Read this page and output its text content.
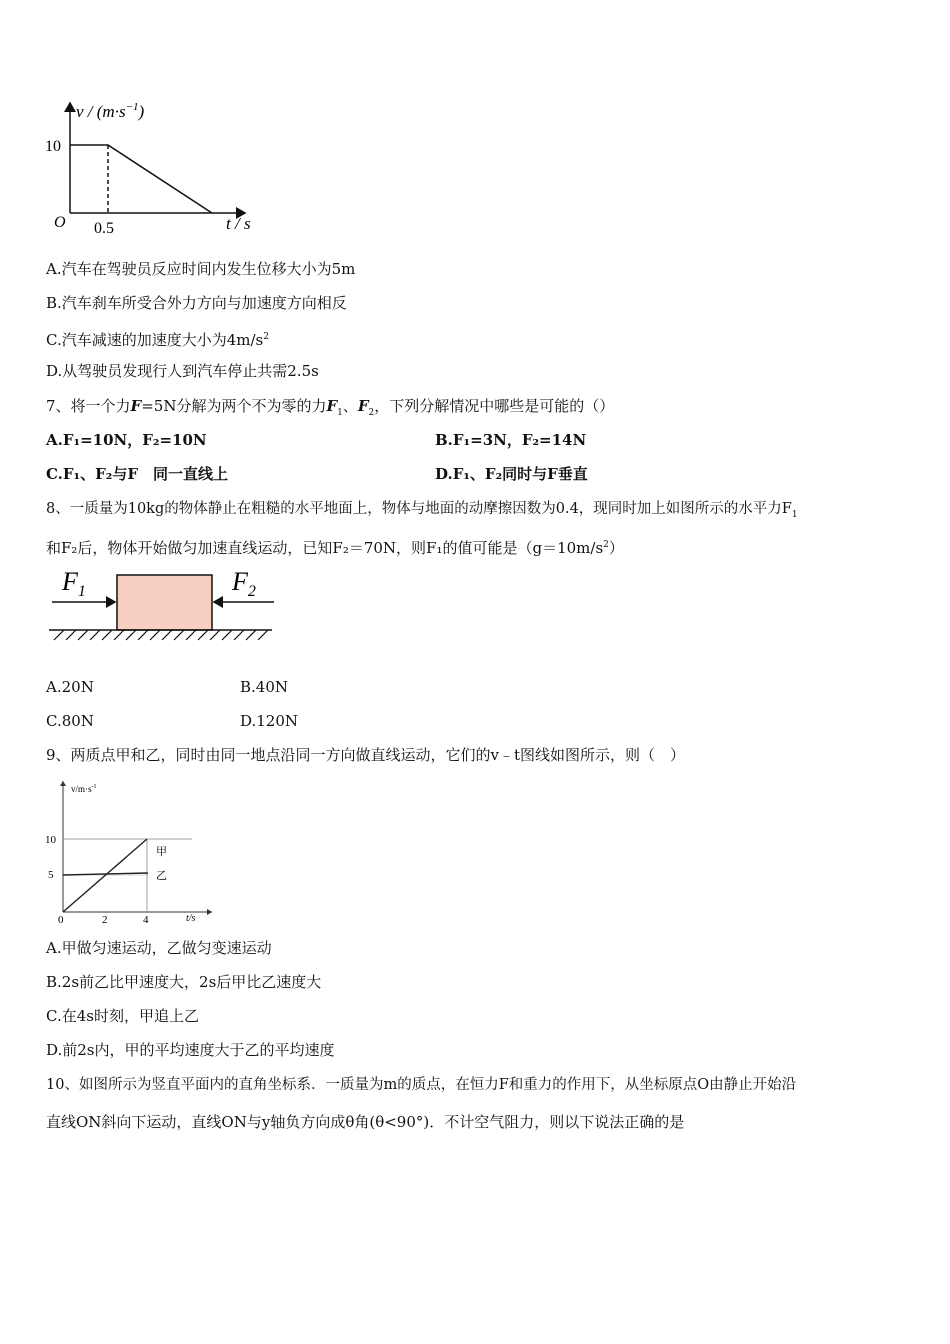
$v / (m\cdot s^{-1})$
10
O 0.5	t / s
A.汽车在驾驶员反应时间内发生位移大小为5m
B.汽车刹车所受合外力方向与加速度方向相反
C.汽车减速的加速度大小为$4m/s^2$
D.从驾驶员发现行人到汽车停止共需2.5s
7、将一个力F=5N分解为两个不为零的力$F_1$、$F_2$，下列分解情况中哪些是可能的（）
A.F₁=10N，F₂=10N	B.F₁=3N，F₂=14N
C.F₁、F₂与F　同一直线上	D.F₁、F₂同时与F垂直
8、一质量为10kg的物体静止在粗糙的水平地面上，物体与地面的动摩擦因数为0.4，现同时加上如图所示的水平力$F_1$
和F₂后，物体开始做匀加速直线运动，已知F₂＝70N，则F₁的值可能是$(g=10m/s^2)$
$F_1$	$F_2$
A.20N	B.40N
C.80N	D.120N
9、两质点甲和乙，同时由同一地点沿同一方向做直线运动，它们的v﹣t图线如图所示，则（　）
$v/m\cdot s^{-1}$
10
5
0	2	4	t/s
甲
乙
A.甲做匀速运动，乙做匀变速运动
B.2s前乙比甲速度大，2s后甲比乙速度大
C.在4s时刻，甲追上乙
D.前2s内，甲的平均速度大于乙的平均速度
10、如图所示为竖直平面内的直角坐标系．一质量为m的质点，在恒力F和重力的作用下，从坐标原点O由静止开始沿
直线ON斜向下运动，直线ON与y轴负方向成θ角(θ<90°)．不计空气阻力，则以下说法正确的是
